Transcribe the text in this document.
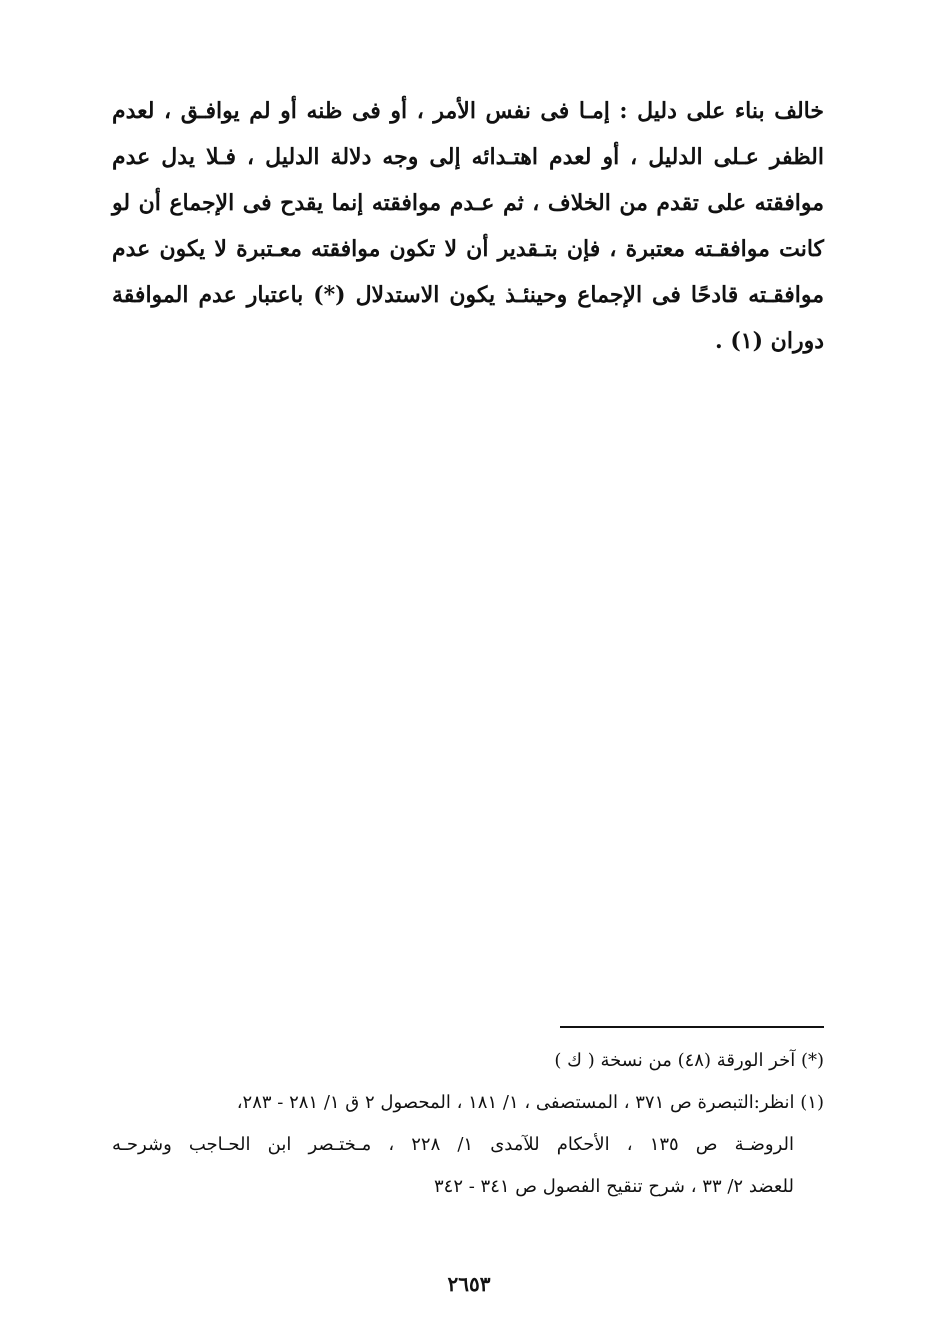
خالف بناء على دليل : إمـا فى نفس الأمر ، أو فى ظنه أو لم يوافـق ، لعدم
الظفر عـلى الدليل ، أو لعدم اهتـدائه إلى وجه دلالة الدليل ، فـلا يدل عدم
موافقته على تقدم من الخلاف ، ثم عـدم موافقته إنما يقدح فى الإجماع أن لو
كانت موافقـته معتبرة ، فإن بتـقدير أن لا تكون موافقته معـتبرة لا يكون عدم
موافقـته قادحًا فى الإجماع وحينئـذ يكون الاستدلال (*) باعتبار عدم الموافقة
دوران (١) .
(*) آخر الورقة (٤٨) من نسخة ( ك )
(١) انظر:التبصرة ص ٣٧١ ، المستصفى ، ١/ ١٨١ ، المحصول ٢ ق ١/ ٢٨١ - ٢٨٣،
الروضـة ص ١٣٥ ، الأحكام للآمدى ١/ ٢٢٨ ، مـختـصر ابن الحـاجب وشرحـه
للعضد ٢/ ٣٣ ، شرح تنقيح الفصول ص ٣٤١ - ٣٤٢
٢٦٥٣
